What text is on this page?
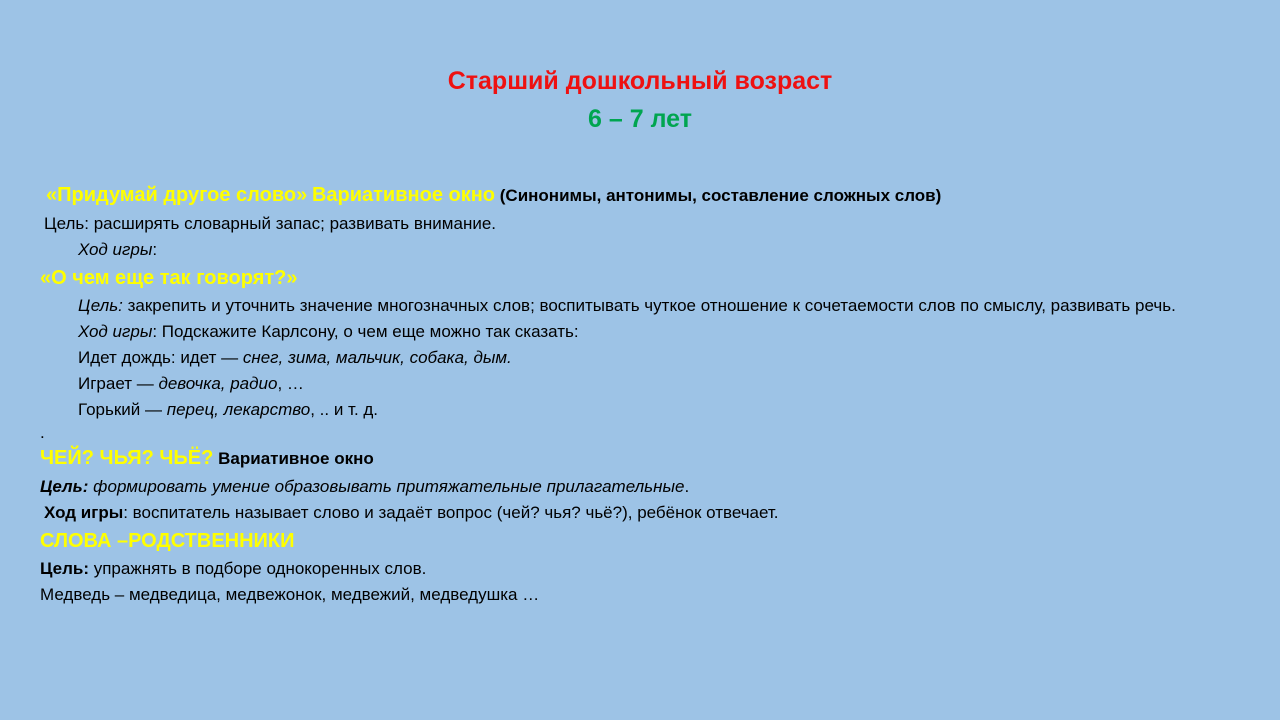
Старший дошкольный возраст
6 – 7 лет
«Придумай другое слово» Вариативное окно (Синонимы, антонимы, составление сложных слов)
Цель: расширять словарный запас; развивать внимание.
Ход игры:
«О чем еще так говорят?»
Цель: закрепить и уточнить значение многозначных слов; воспитывать чуткое отношение к сочетаемости слов по смыслу, развивать речь.
Ход игры: Подскажите Карлсону, о чем еще можно так сказать:
Идет дождь: идет — снег, зима, мальчик, собака, дым.
Играет — девочка, радио, …
Горький — перец, лекарство, .. и т. д.
.
ЧЕЙ? ЧЬЯ? ЧЬЁ? Вариативное окно
Цель: формировать умение образовывать притяжательные прилагательные.
Ход игры: воспитатель называет слово и задаёт вопрос (чей? чья? чьё?), ребёнок отвечает.
СЛОВА –РОДСТВЕННИКИ
Цель: упражнять в подборе однокоренных слов.
Медведь – медведица, медвежонок, медвежий, медведушка …
